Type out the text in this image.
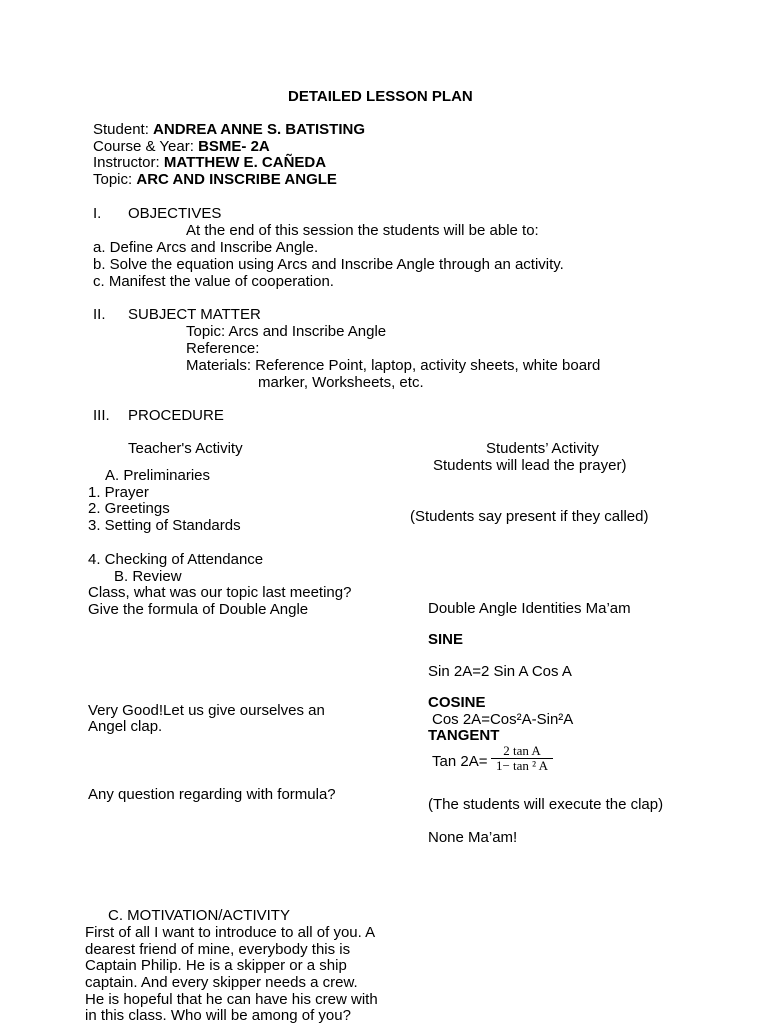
DETAILED LESSON PLAN
Student: ANDREA ANNE S. BATISTING
Course & Year: BSME- 2A
Instructor: MATTHEW E. CAÑEDA
Topic: ARC AND INSCRIBE ANGLE
I. OBJECTIVES
At the end of this session the students will be able to:
a. Define Arcs and Inscribe Angle.
b. Solve the equation using Arcs and Inscribe Angle through an activity.
c. Manifest the value of cooperation.
II. SUBJECT MATTER
Topic: Arcs and Inscribe Angle
Reference:
Materials: Reference Point, laptop, activity sheets, white board
marker, Worksheets, etc.
III. PROCEDURE
Teacher's Activity	Students’ Activity
Students will lead the prayer)
A. Preliminaries
1. Prayer
2. Greetings
3. Setting of Standards
(Students say present if they called)
4. Checking of Attendance
B. Review
Class, what was our topic last meeting?
Give the formula of Double Angle	Double Angle Identities Ma’am
SINE
Sin 2A=2 Sin A Cos A
COSINE
Cos 2A=Cos²A-Sin²A
TANGENT
Tan 2A=
2 tan A
1− tan ² A
Very Good!Let us give ourselves an
Angel clap.
Any question regarding with formula?
(The students will execute the clap)
None Ma’am!
C. MOTIVATION/ACTIVITY
First of all I want to introduce to all of you. A
dearest friend of mine, everybody this is
Captain Philip. He is a skipper or a ship
captain. And every skipper needs a crew.
He is hopeful that he can have his crew with
in this class. Who will be among of you?
